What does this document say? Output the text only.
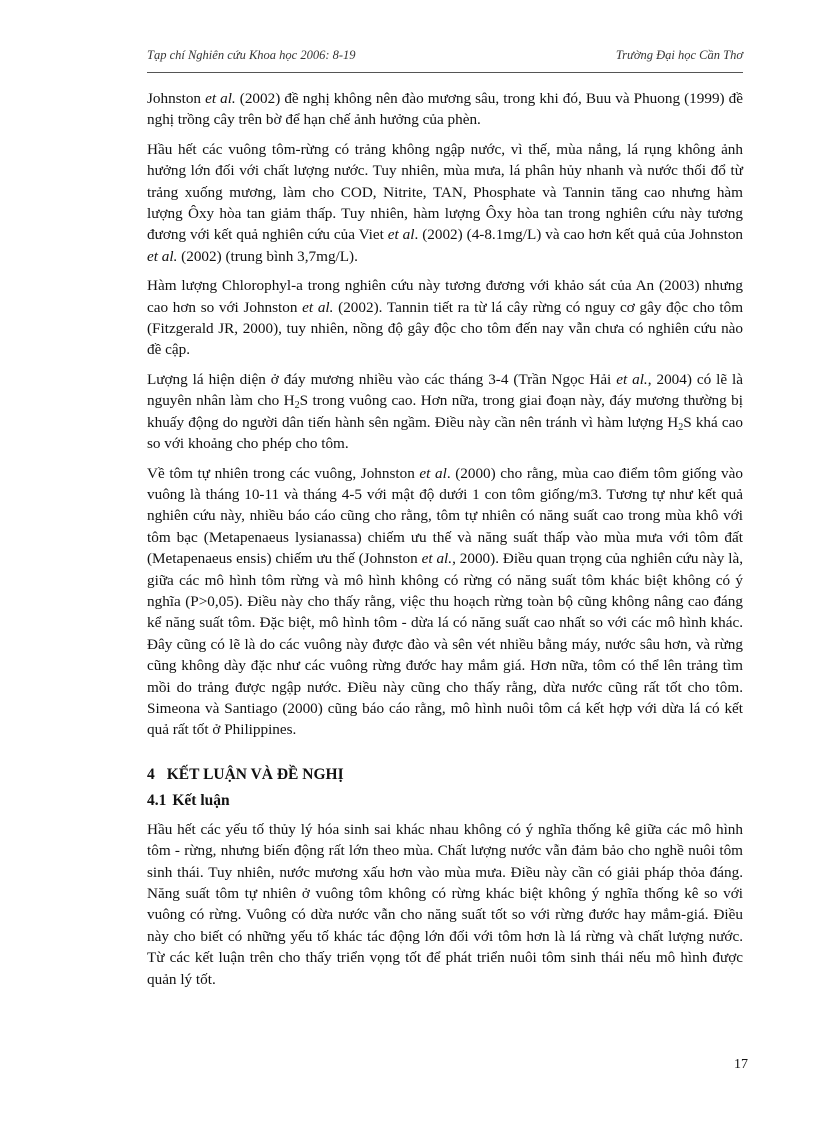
Tạp chí Nghiên cứu Khoa học 2006: 8-19	Trường Đại học Cần Thơ

Johnston et al. (2002) đề nghị không nên đào mương sâu, trong khi đó, Buu và Phuong (1999) đề nghị trồng cây trên bờ để hạn chế ảnh hưởng của phèn.

Hầu hết các vuông tôm-rừng có trảng không ngập nước, vì thế, mùa nắng, lá rụng không ảnh hưởng lớn đối với chất lượng nước. Tuy nhiên, mùa mưa, lá phân hủy nhanh và nước thối đổ từ trảng xuống mương, làm cho COD, Nitrite, TAN, Phosphate và Tannin tăng cao nhưng hàm lượng Ôxy hòa tan giảm thấp. Tuy nhiên, hàm lượng Ôxy hòa tan trong nghiên cứu này tương đương với kết quả nghiên cứu của Viet et al. (2002) (4-8.1mg/L) và cao hơn kết quả của Johnston et al. (2002) (trung bình 3,7mg/L).

Hàm lượng Chlorophyl-a trong nghiên cứu này tương đương với khảo sát của An (2003) nhưng cao hơn so với Johnston et al. (2002). Tannin tiết ra từ lá cây rừng có nguy cơ gây độc cho tôm (Fitzgerald JR, 2000), tuy nhiên, nồng độ gây độc cho tôm đến nay vẫn chưa có nghiên cứu nào đề cập.

Lượng lá hiện diện ở đáy mương nhiều vào các tháng 3-4 (Trần Ngọc Hải et al., 2004) có lẽ là nguyên nhân làm cho $H_2S$ trong vuông cao. Hơn nữa, trong giai đoạn này, đáy mương thường bị khuấy động do người dân tiến hành sên ngầm. Điều này cần nên tránh vì hàm lượng $H_2S$ khá cao so với khoảng cho phép cho tôm.

Về tôm tự nhiên trong các vuông, Johnston et al. (2000) cho rằng, mùa cao điểm tôm giống vào vuông là tháng 10-11 và tháng 4-5 với mật độ dưới 1 con tôm giống/m3. Tương tự như kết quả nghiên cứu này, nhiều báo cáo cũng cho rằng, tôm tự nhiên có năng suất cao trong mùa khô với tôm bạc (Metapenaeus lysianassa) chiếm ưu thế và năng suất thấp vào mùa mưa với tôm đất (Metapenaeus ensis) chiếm ưu thế (Johnston et al., 2000). Điều quan trọng của nghiên cứu này là, giữa các mô hình tôm rừng và mô hình không có rừng có năng suất tôm khác biệt không có ý nghĩa (P>0,05). Điều này cho thấy rằng, việc thu hoạch rừng toàn bộ cũng không nâng cao đáng kể năng suất tôm. Đặc biệt, mô hình tôm - dừa lá có năng suất cao nhất so với các mô hình khác. Đây cũng có lẽ là do các vuông này được đào và sên vét nhiều bằng máy, nước sâu hơn, và rừng cũng không dày đặc như các vuông rừng đước hay mắm giá. Hơn nữa, tôm có thể lên trảng tìm mồi do trảng được ngập nước. Điều này cũng cho thấy rằng, dừa nước cũng rất tốt cho tôm. Simeona và Santiago (2000) cũng báo cáo rằng, mô hình nuôi tôm cá kết hợp với dừa lá có kết quả rất tốt ở Philippines.

4 KẾT LUẬN VÀ ĐỀ NGHỊ
4.1 Kết luận

Hầu hết các yếu tố thủy lý hóa sinh sai khác nhau không có ý nghĩa thống kê giữa các mô hình tôm - rừng, nhưng biến động rất lớn theo mùa. Chất lượng nước vẫn đảm bảo cho nghề nuôi tôm sinh thái. Tuy nhiên, nước mương xấu hơn vào mùa mưa. Điều này cần có giải pháp thỏa đáng. Năng suất tôm tự nhiên ở vuông tôm không có rừng khác biệt không ý nghĩa thống kê so với vuông có rừng. Vuông có dừa nước vẫn cho năng suất tốt so với rừng đước hay mắm-giá. Điều này cho biết có những yếu tố khác tác động lớn đối với tôm hơn là lá rừng và chất lượng nước. Từ các kết luận trên cho thấy triển vọng tốt để phát triển nuôi tôm sinh thái nếu mô hình được quản lý tốt.

17
